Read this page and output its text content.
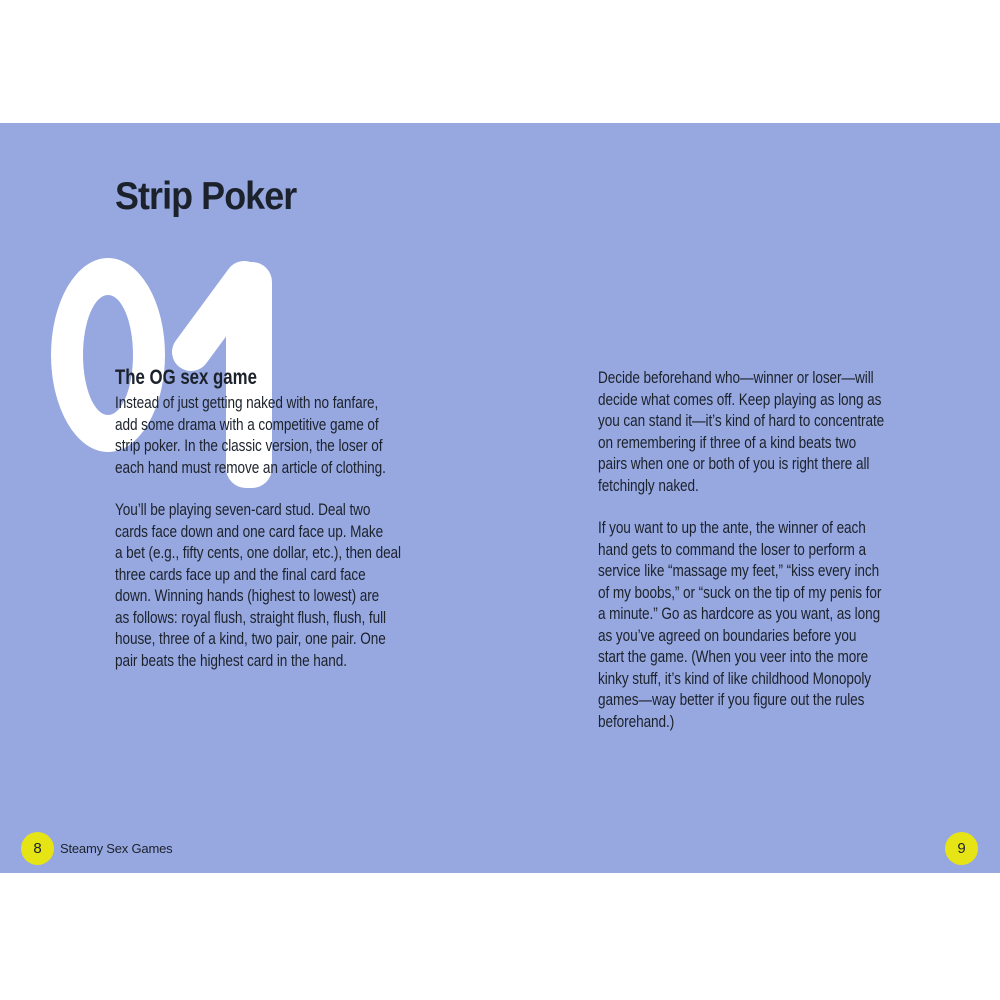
Strip Poker
The OG sex game
Instead of just getting naked with no fanfare,
add some drama with a competitive game of
strip poker. In the classic version, the loser of
each hand must remove an article of clothing.
You’ll be playing seven-card stud. Deal two
cards face down and one card face up. Make
a bet (e.g., fifty cents, one dollar, etc.), then deal
three cards face up and the final card face
down. Winning hands (highest to lowest) are
as follows: royal flush, straight flush, flush, full
house, three of a kind, two pair, one pair. One
pair beats the highest card in the hand.
Decide beforehand who—winner or loser—will
decide what comes off. Keep playing as long as
you can stand it—it’s kind of hard to concentrate
on remembering if three of a kind beats two
pairs when one or both of you is right there all
fetchingly naked.
If you want to up the ante, the winner of each
hand gets to command the loser to perform a
service like “massage my feet,” “kiss every inch
of my boobs,” or “suck on the tip of my penis for
a minute.” Go as hardcore as you want, as long
as you’ve agreed on boundaries before you
start the game. (When you veer into the more
kinky stuff, it’s kind of like childhood Monopoly
games—way better if you figure out the rules
beforehand.)
8 Steamy Sex Games	9
